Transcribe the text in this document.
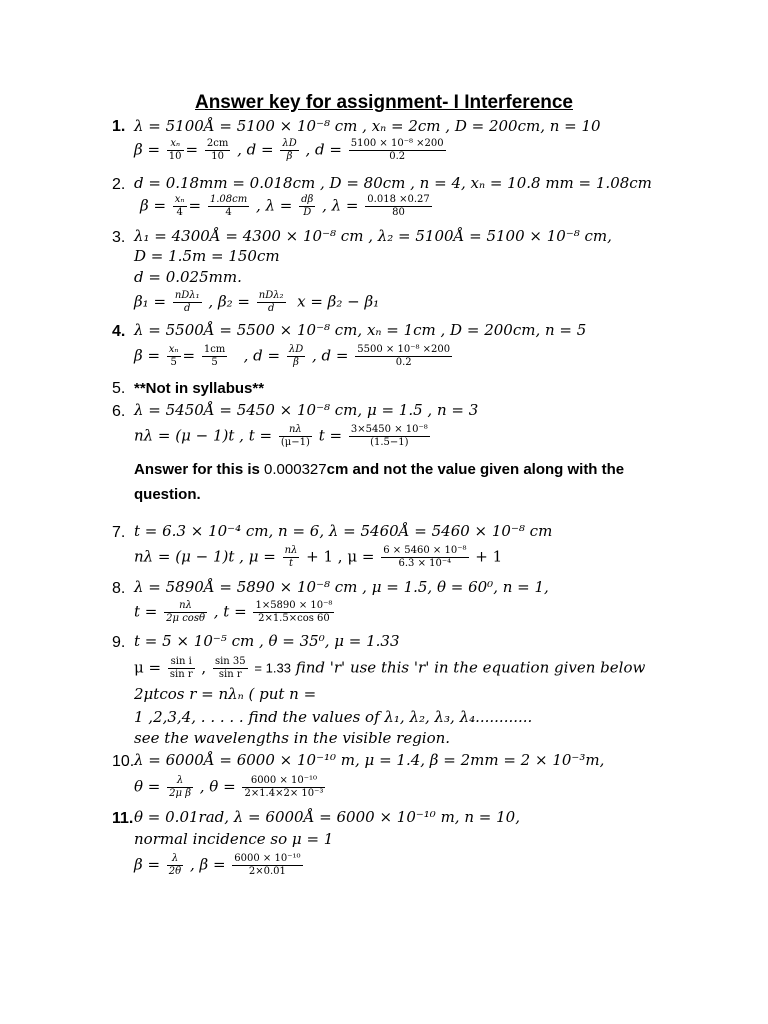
Answer key for assignment- I Interference
1. λ = 5100Å = 5100 × 10⁻⁸ cm , xₙ = 2cm , D = 200cm, n = 10
$\beta = \frac{\text{xₙ}}{10} = \frac{2cm}{10}$ , $d = \frac{\lambda D}{\beta}$ , $d = \frac{\text{5100 × 10⁻⁸ ×200}}{0.2}$
2. d = 0.18mm = 0.018cm , D = 80cm , n = 4, xₙ = 10.8 mm = 1.08cm
$\beta = \frac{\text{xₙ}}{4} = \frac{1.08cm}{4}$ , $\lambda = \frac{d\beta}{D}$ , $\lambda = \frac{0.018 \times 0.27}{80}$
3. λ₁ = 4300Å = 4300 × 10⁻⁸ cm , λ₂ = 5100Å = 5100 × 10⁻⁸ cm,
D = 1.5m = 150cm
d = 0.025mm.
$\beta_1 = \frac{\text{nDλ₁}}{d}$ , $\beta_2 = \frac{\text{nDλ₂}}{d}$ x = β₂ − β₁
4. λ = 5500Å = 5500 × 10⁻⁸ cm, xₙ = 1cm , D = 200cm, n = 5
$\beta = \frac{\text{xₙ}}{5} = \frac{1cm}{5}$ , $d = \frac{\lambda D}{\beta}$ , $d = \frac{\text{5500 × 10⁻⁸ ×200}}{0.2}$
5. **Not in syllabus**
6. λ = 5450Å = 5450 × 10⁻⁸ cm, μ = 1.5 , n = 3
nλ = (μ − 1)t , $t = \frac{n\lambda}{(\mu-1)}$ $t = \frac{\text{3×5450 × 10⁻⁸}}{(1.5-1)}$
Answer for this is 0.000327cm and not the value given along with the
question.
7. t = 6.3 × 10⁻⁴ cm, n = 6, λ = 5460Å = 5460 × 10⁻⁸ cm
nλ = (μ − 1)t , $\mu = \frac{n\lambda}{t} + 1$ , $\mu = \frac{\text{6 × 5460 × 10⁻⁸}}{\text{6.3 × 10⁻⁴}} + 1$
8. λ = 5890Å = 5890 × 10⁻⁸ cm , μ = 1.5, θ = 60⁰, n = 1,
$t = \frac{n\lambda}{\text{2μ cosθ}}$ , $t = \frac{\text{1×5890 × 10⁻⁸}}{2\times 1.5\times\cos 60}$
9. t = 5 × 10⁻⁵ cm , θ = 35⁰, μ = 1.33
$\mu = \frac{\text{sin i}}{\text{sin r}}$ , $\frac{\sin 35}{\text{sin r}} = 1.33$ find 'r' use this 'r' in the equation given below
2μtcos r = nλₙ ( put n =
1 ,2,3,4, . . . . . find the values of λ₁, λ₂, λ₃, λ₄............
see the wavelengths in the visible region.
10. λ = 6000Å = 6000 × 10⁻¹⁰ m, μ = 1.4, β = 2mm = 2 × 10⁻³m,
$\theta = \frac{\lambda}{\text{2μ β}}$ , $\theta = \frac{\text{6000 × 10⁻¹⁰}}{\text{2×1.4×2× 10⁻³}}$
11. θ = 0.01rad, λ = 6000Å = 6000 × 10⁻¹⁰ m, n = 10,
normal incidence so μ = 1
$\beta = \frac{\lambda}{2\theta}$ , $\beta = \frac{\text{6000 × 10⁻¹⁰}}{2\times 0.01}$
